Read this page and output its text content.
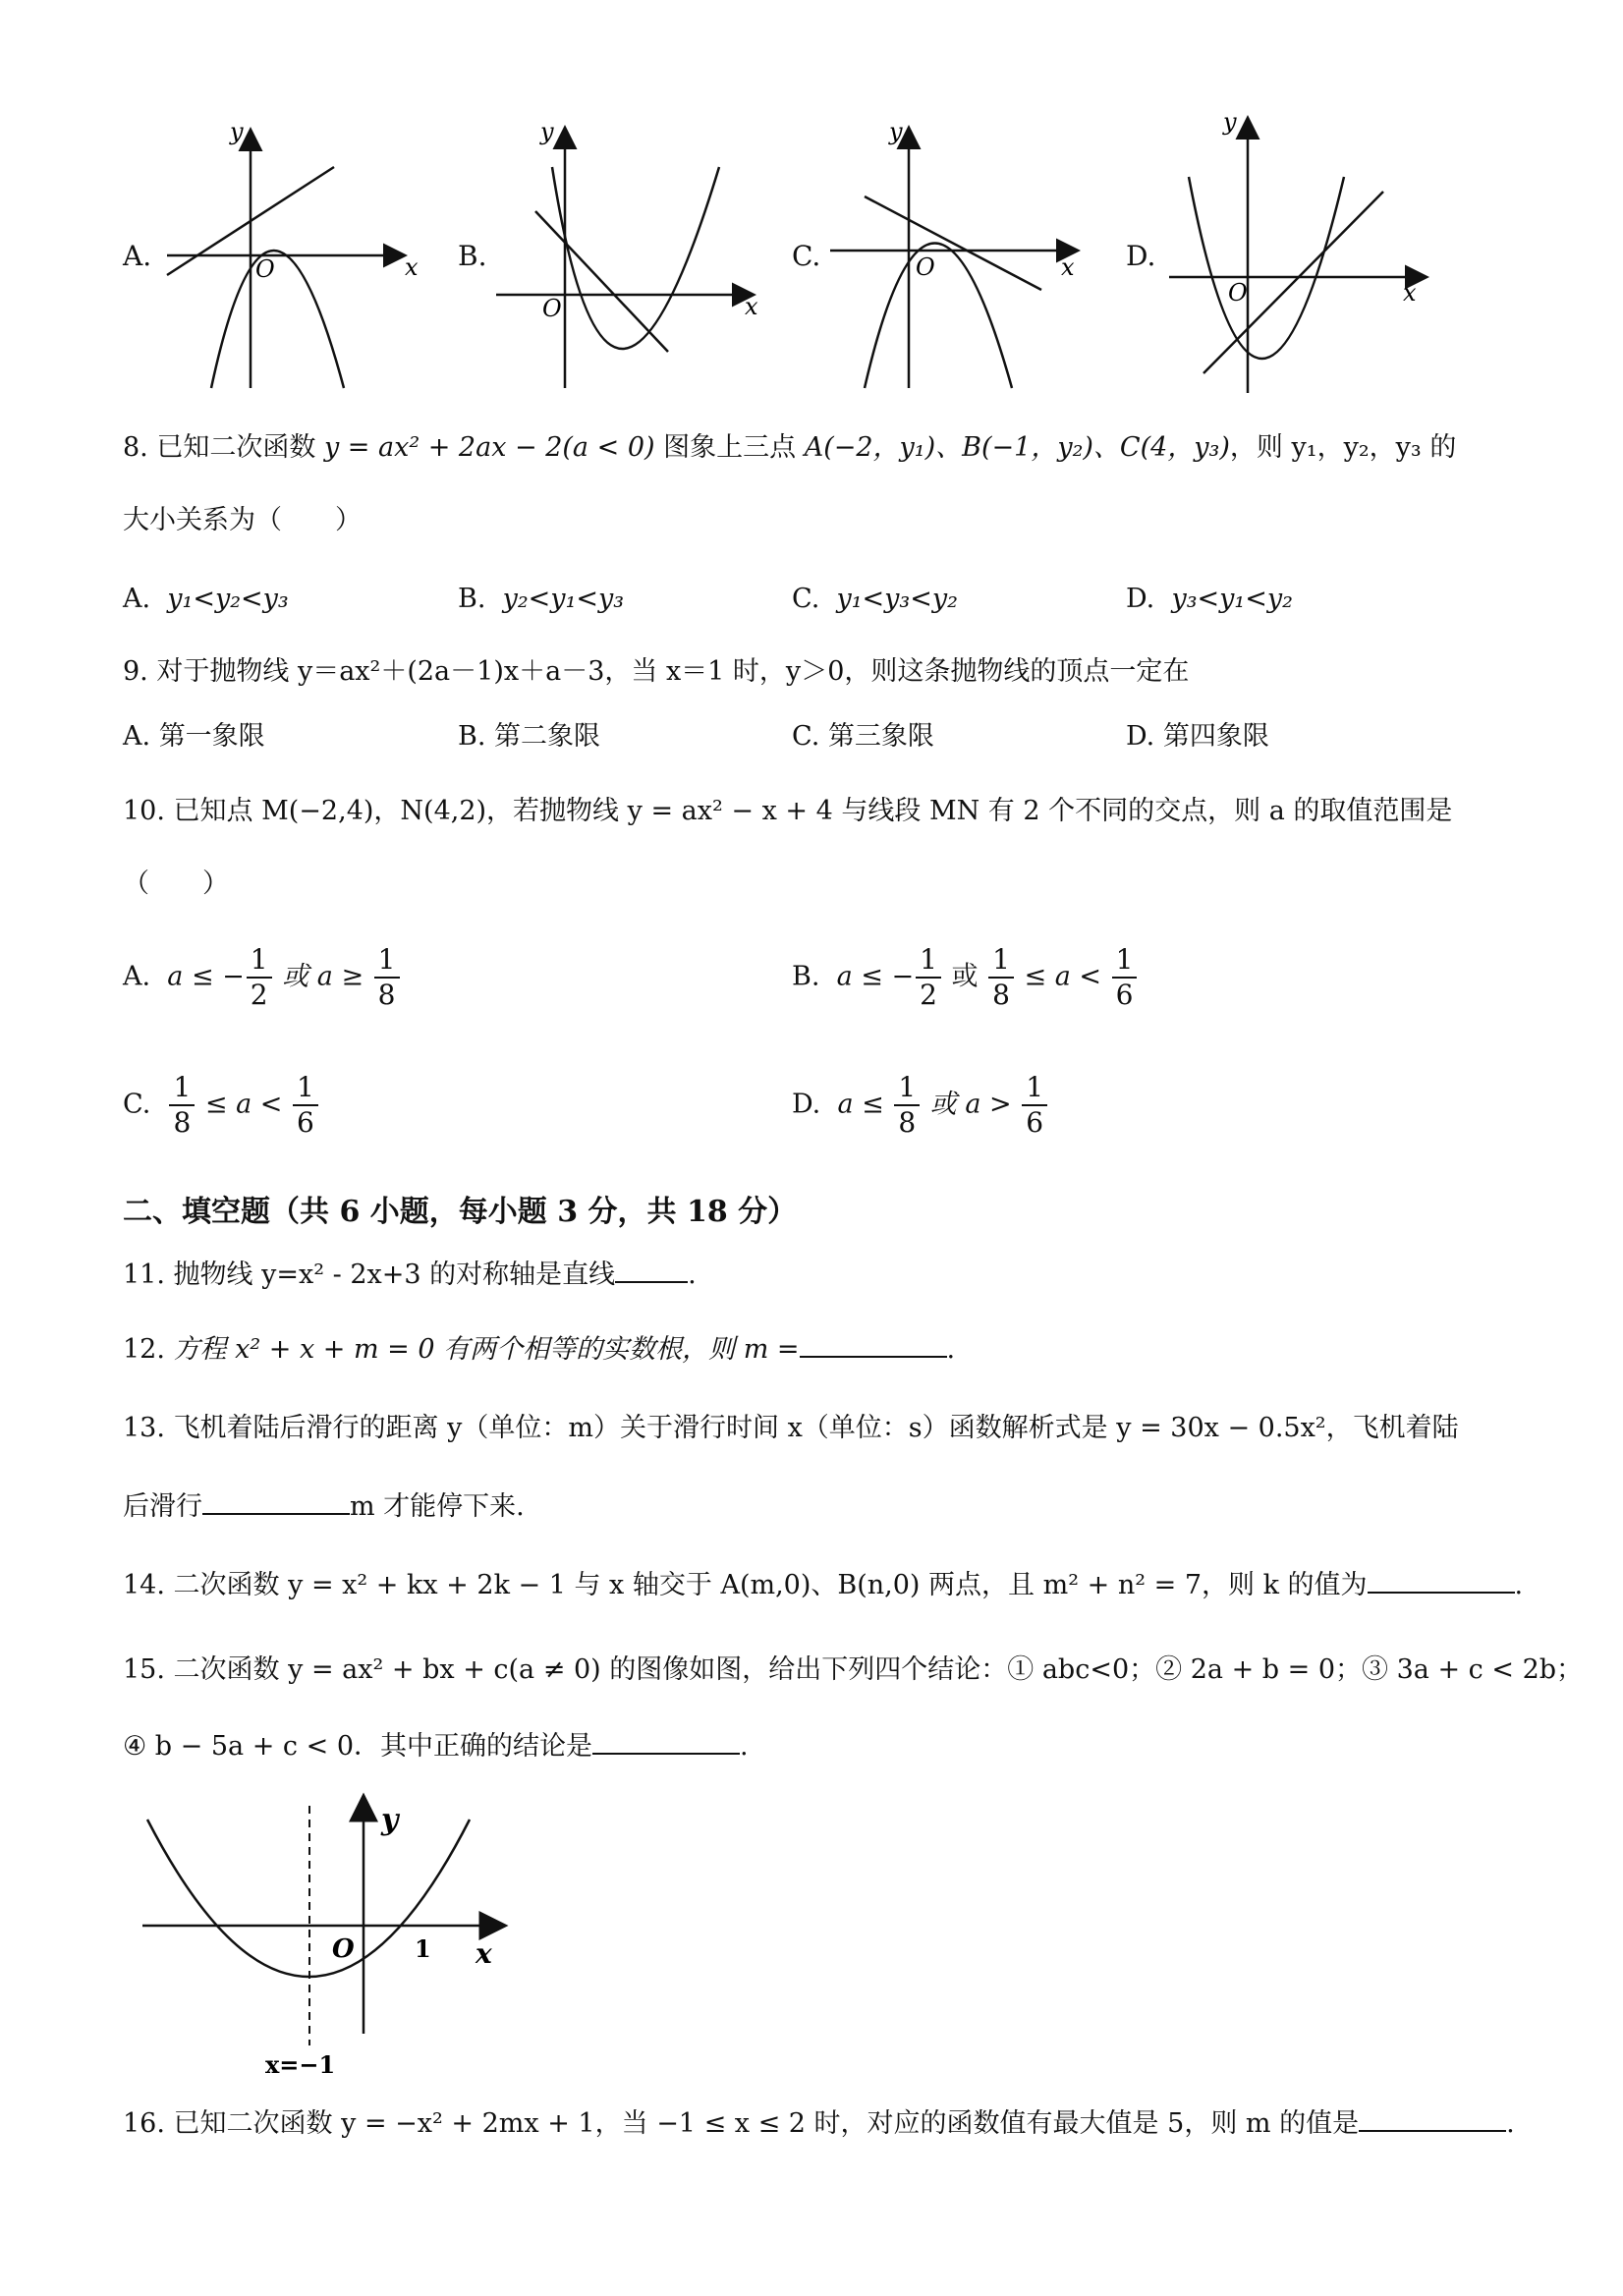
A.
y
x
O	B.
y
x
O
C.
y
x
O	D.
y
x
O
8. 已知二次函数 y = ax² + 2ax − 2(a < 0) 图象上三点 A(−2，y₁)、B(−1，y₂)、C(4，y₃)，则 y₁，y₂，y₃ 的
大小关系为（　　）
A. y₁<y₂<y₃	B. y₂<y₁<y₃	C. y₁<y₃<y₂	D. y₃<y₁<y₂
9. 对于抛物线 y＝ax²＋(2a－1)x＋a－3，当 x＝1 时，y＞0，则这条抛物线的顶点一定在
A. 第一象限	B. 第二象限	C. 第三象限	D. 第四象限
10. 已知点 M(−2,4)，N(4,2)，若抛物线 y = ax² − x + 4 与线段 MN 有 2 个不同的交点，则 a 的取值范围是
（　　）
A. a ≤ − $\frac{1}{2}$ 或 $a \ge \frac{1}{8}$	B. a ≤ − $\frac{1}{2}$ 或 $\frac{1}{8} \le a < \frac{1}{6}$
C. $\frac{1}{8} \le a < \frac{1}{6}$	D. $a \le \frac{1}{8}$ 或 $a > \frac{1}{6}$
二、填空题（共 6 小题，每小题 3 分，共 18 分）
11. 抛物线 y=x² - 2x+3 的对称轴是直线	.
12. 方程 x² + x + m = 0 有两个相等的实数根，则 m =	.
13. 飞机着陆后滑行的距离 y（单位：m）关于滑行时间 x（单位：s）函数解析式是 y = 30x − 0.5x²，飞机着陆
后滑行	m 才能停下来.
14. 二次函数 y = x² + kx + 2k − 1 与 x 轴交于 A(m,0)、B(n,0) 两点，且 m² + n² = 7，则 k 的值为	.
15. 二次函数 y = ax² + bx + c(a ≠ 0) 的图像如图，给出下列四个结论：① abc<0；② 2a + b = 0；③ 3a + c < 2b；
④ b − 5a + c < 0．其中正确的结论是	.
y
x
O	1
x=−1
16. 已知二次函数 y = −x² + 2mx + 1，当 −1 ≤ x ≤ 2 时，对应的函数值有最大值是 5，则 m 的值是	.
